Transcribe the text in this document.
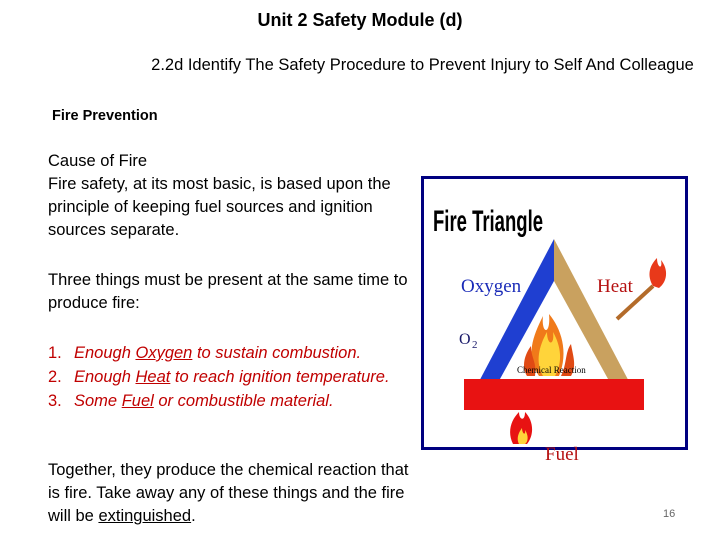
Unit 2 Safety Module (d)
2.2d Identify The Safety Procedure to Prevent Injury to Self And Colleague
Fire Prevention
Cause of Fire
Fire safety, at its most basic, is based upon the principle of keeping fuel sources and ignition sources separate.
Three things must be present at the same time to produce fire:
1. Enough Oxygen to sustain combustion.
2. Enough Heat to reach ignition temperature.
3. Some Fuel or combustible material.
Together, they produce the chemical reaction that is fire. Take away any of these things and the fire will be extinguished.
Fire Triangle
Oxygen
O 2
Heat
Chemical Reaction
Fuel
16
